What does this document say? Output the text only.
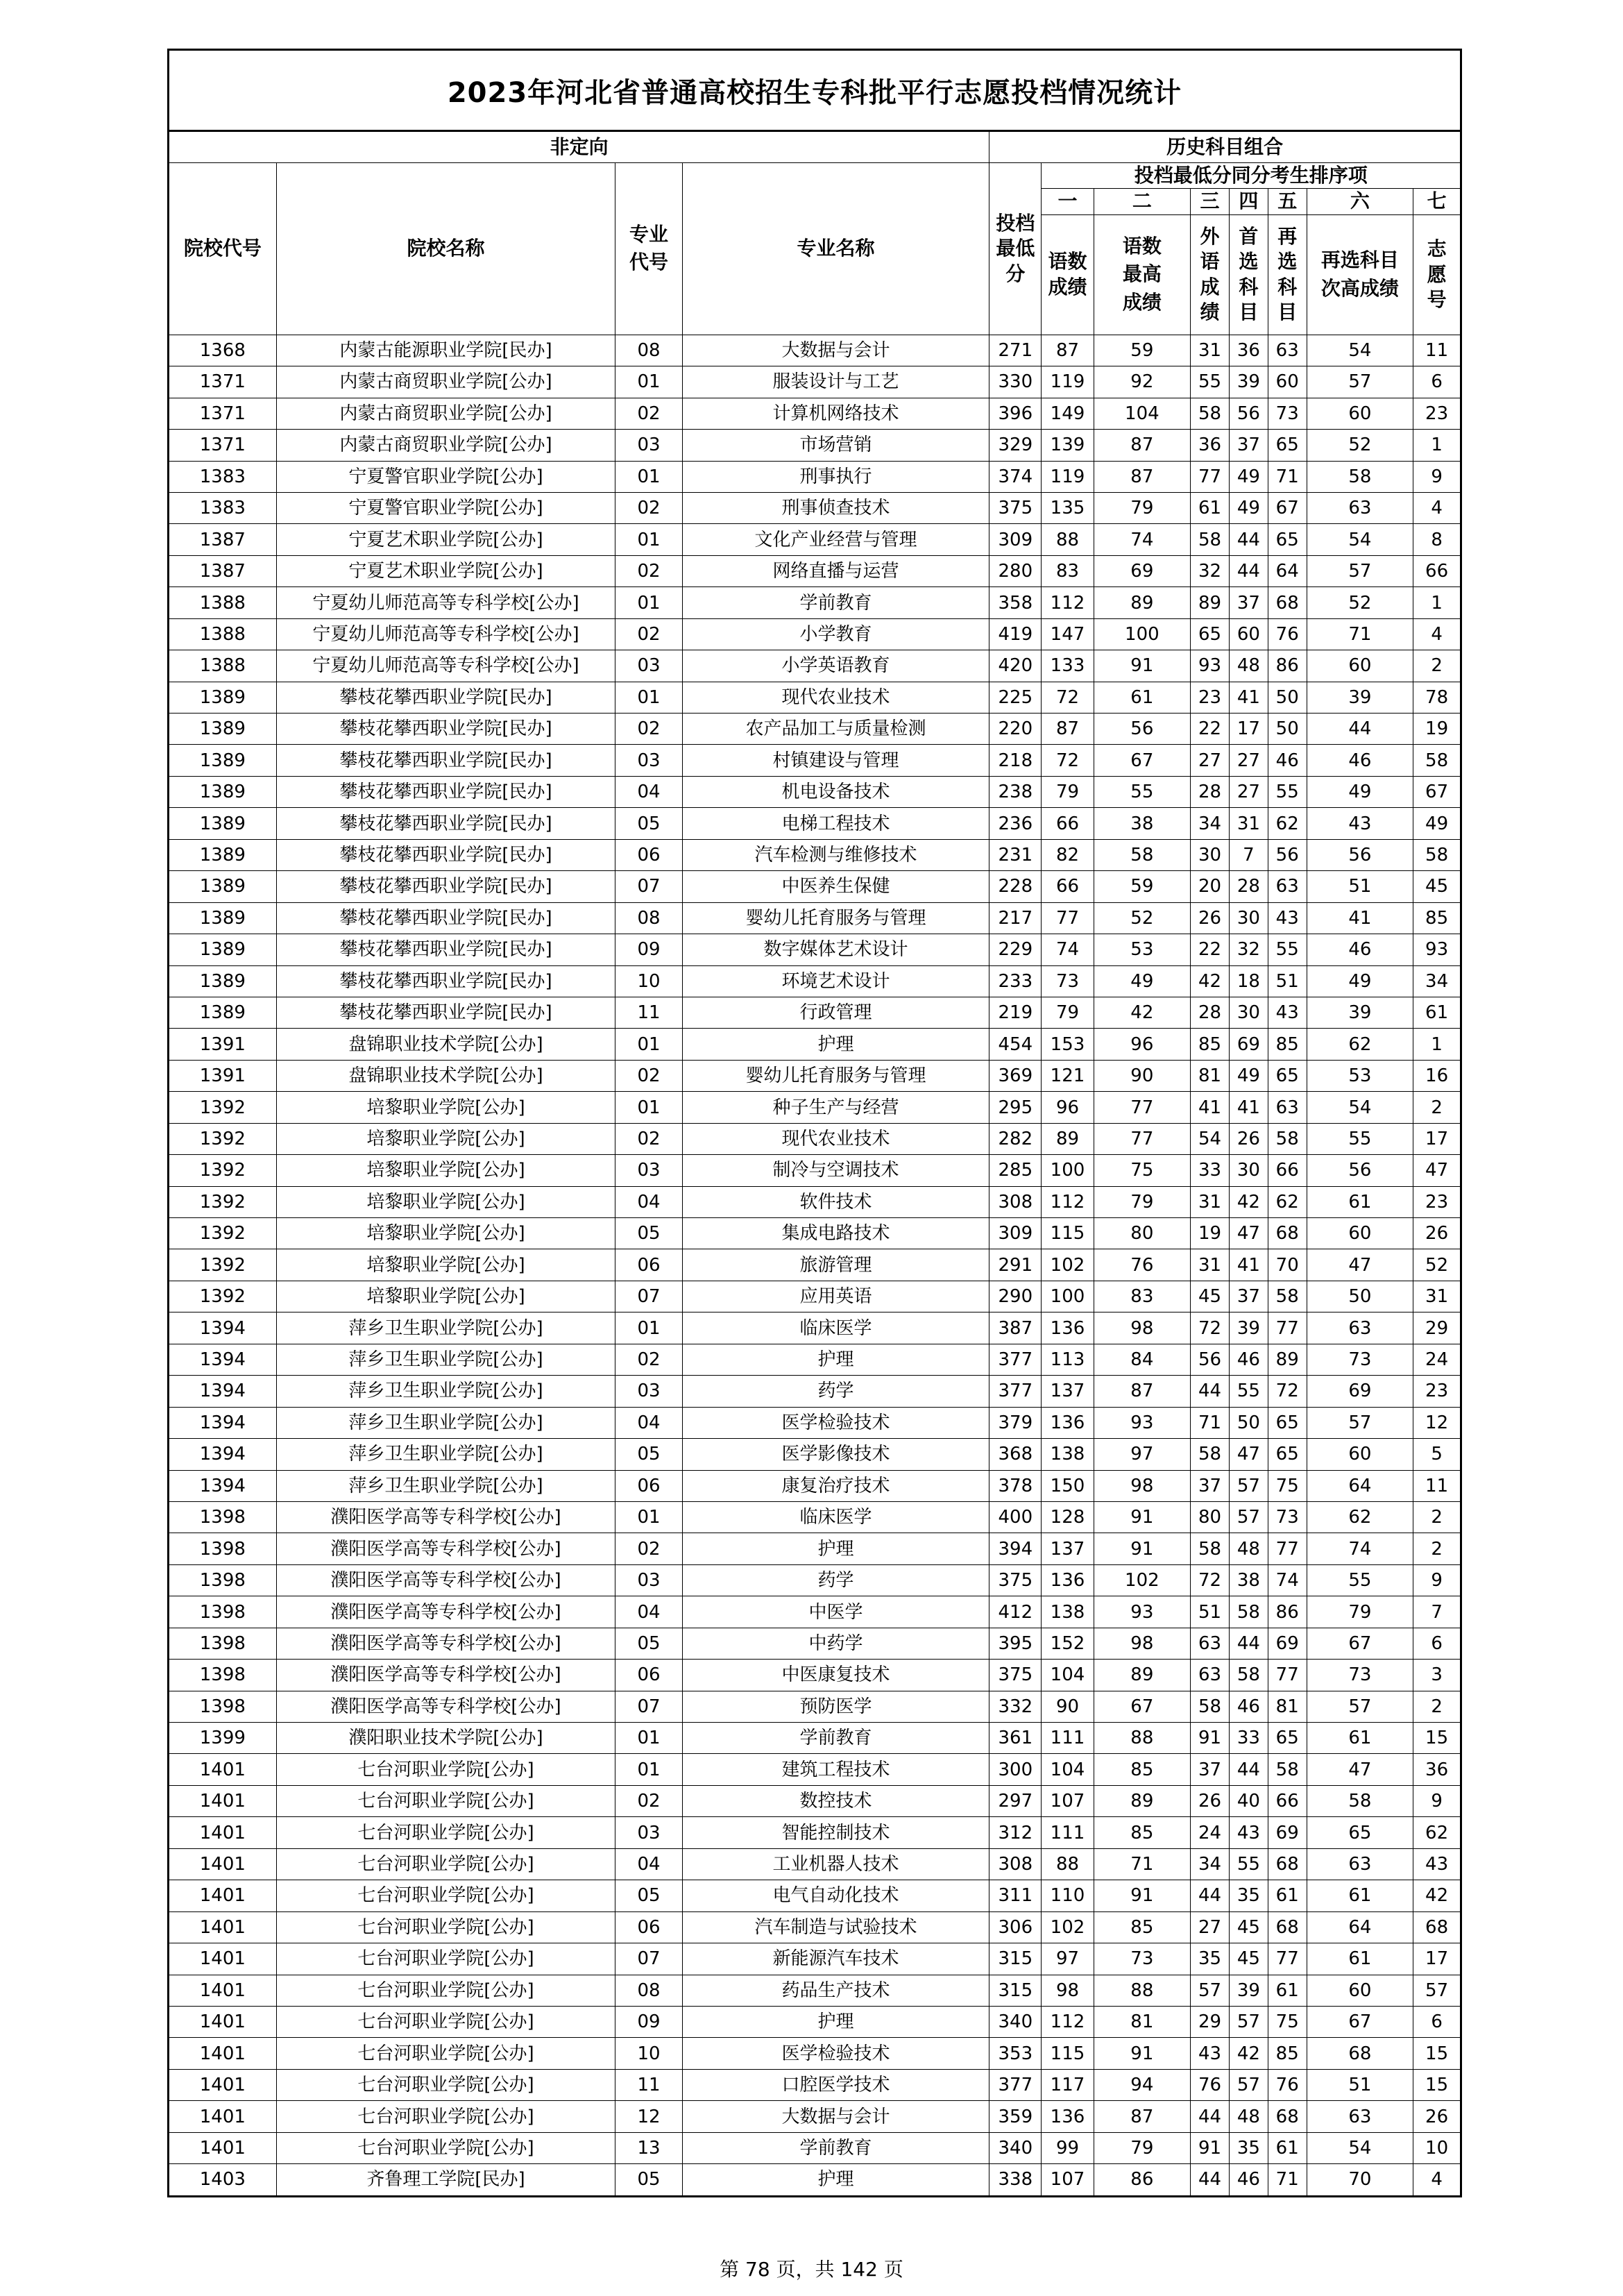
2023年河北省普通高校招生专科批平行志愿投档情况统计
非定向				历史科目组合							
院校代号	院校名称	专业代号	专业名称	投档最低分	投档最低分同分考生排序项						
					一	二	三	四	五	六	七
					语数成绩	语数最高成绩	外语成绩	首选科目	再选科目	再选科目次高成绩	志愿号
1368	内蒙古能源职业学院[民办]	08	大数据与会计	271	87	59	31	36	63	54	11
1371	内蒙古商贸职业学院[公办]	01	服装设计与工艺	330	119	92	55	39	60	57	6
1371	内蒙古商贸职业学院[公办]	02	计算机网络技术	396	149	104	58	56	73	60	23
1371	内蒙古商贸职业学院[公办]	03	市场营销	329	139	87	36	37	65	52	1
1383	宁夏警官职业学院[公办]	01	刑事执行	374	119	87	77	49	71	58	9
1383	宁夏警官职业学院[公办]	02	刑事侦查技术	375	135	79	61	49	67	63	4
1387	宁夏艺术职业学院[公办]	01	文化产业经营与管理	309	88	74	58	44	65	54	8
1387	宁夏艺术职业学院[公办]	02	网络直播与运营	280	83	69	32	44	64	57	66
1388	宁夏幼儿师范高等专科学校[公办]	01	学前教育	358	112	89	89	37	68	52	1
1388	宁夏幼儿师范高等专科学校[公办]	02	小学教育	419	147	100	65	60	76	71	4
1388	宁夏幼儿师范高等专科学校[公办]	03	小学英语教育	420	133	91	93	48	86	60	2
1389	攀枝花攀西职业学院[民办]	01	现代农业技术	225	72	61	23	41	50	39	78
1389	攀枝花攀西职业学院[民办]	02	农产品加工与质量检测	220	87	56	22	17	50	44	19
1389	攀枝花攀西职业学院[民办]	03	村镇建设与管理	218	72	67	27	27	46	46	58
1389	攀枝花攀西职业学院[民办]	04	机电设备技术	238	79	55	28	27	55	49	67
1389	攀枝花攀西职业学院[民办]	05	电梯工程技术	236	66	38	34	31	62	43	49
1389	攀枝花攀西职业学院[民办]	06	汽车检测与维修技术	231	82	58	30	7	56	56	58
1389	攀枝花攀西职业学院[民办]	07	中医养生保健	228	66	59	20	28	63	51	45
1389	攀枝花攀西职业学院[民办]	08	婴幼儿托育服务与管理	217	77	52	26	30	43	41	85
1389	攀枝花攀西职业学院[民办]	09	数字媒体艺术设计	229	74	53	22	32	55	46	93
1389	攀枝花攀西职业学院[民办]	10	环境艺术设计	233	73	49	42	18	51	49	34
1389	攀枝花攀西职业学院[民办]	11	行政管理	219	79	42	28	30	43	39	61
1391	盘锦职业技术学院[公办]	01	护理	454	153	96	85	69	85	62	1
1391	盘锦职业技术学院[公办]	02	婴幼儿托育服务与管理	369	121	90	81	49	65	53	16
1392	培黎职业学院[公办]	01	种子生产与经营	295	96	77	41	41	63	54	2
1392	培黎职业学院[公办]	02	现代农业技术	282	89	77	54	26	58	55	17
1392	培黎职业学院[公办]	03	制冷与空调技术	285	100	75	33	30	66	56	47
1392	培黎职业学院[公办]	04	软件技术	308	112	79	31	42	62	61	23
1392	培黎职业学院[公办]	05	集成电路技术	309	115	80	19	47	68	60	26
1392	培黎职业学院[公办]	06	旅游管理	291	102	76	31	41	70	47	52
1392	培黎职业学院[公办]	07	应用英语	290	100	83	45	37	58	50	31
1394	萍乡卫生职业学院[公办]	01	临床医学	387	136	98	72	39	77	63	29
1394	萍乡卫生职业学院[公办]	02	护理	377	113	84	56	46	89	73	24
1394	萍乡卫生职业学院[公办]	03	药学	377	137	87	44	55	72	69	23
1394	萍乡卫生职业学院[公办]	04	医学检验技术	379	136	93	71	50	65	57	12
1394	萍乡卫生职业学院[公办]	05	医学影像技术	368	138	97	58	47	65	60	5
1394	萍乡卫生职业学院[公办]	06	康复治疗技术	378	150	98	37	57	75	64	11
1398	濮阳医学高等专科学校[公办]	01	临床医学	400	128	91	80	57	73	62	2
1398	濮阳医学高等专科学校[公办]	02	护理	394	137	91	58	48	77	74	2
1398	濮阳医学高等专科学校[公办]	03	药学	375	136	102	72	38	74	55	9
1398	濮阳医学高等专科学校[公办]	04	中医学	412	138	93	51	58	86	79	7
1398	濮阳医学高等专科学校[公办]	05	中药学	395	152	98	63	44	69	67	6
1398	濮阳医学高等专科学校[公办]	06	中医康复技术	375	104	89	63	58	77	73	3
1398	濮阳医学高等专科学校[公办]	07	预防医学	332	90	67	58	46	81	57	2
1399	濮阳职业技术学院[公办]	01	学前教育	361	111	88	91	33	65	61	15
1401	七台河职业学院[公办]	01	建筑工程技术	300	104	85	37	44	58	47	36
1401	七台河职业学院[公办]	02	数控技术	297	107	89	26	40	66	58	9
1401	七台河职业学院[公办]	03	智能控制技术	312	111	85	24	43	69	65	62
1401	七台河职业学院[公办]	04	工业机器人技术	308	88	71	34	55	68	63	43
1401	七台河职业学院[公办]	05	电气自动化技术	311	110	91	44	35	61	61	42
1401	七台河职业学院[公办]	06	汽车制造与试验技术	306	102	85	27	45	68	64	68
1401	七台河职业学院[公办]	07	新能源汽车技术	315	97	73	35	45	77	61	17
1401	七台河职业学院[公办]	08	药品生产技术	315	98	88	57	39	61	60	57
1401	七台河职业学院[公办]	09	护理	340	112	81	29	57	75	67	6
1401	七台河职业学院[公办]	10	医学检验技术	353	115	91	43	42	85	68	15
1401	七台河职业学院[公办]	11	口腔医学技术	377	117	94	76	57	76	51	15
1401	七台河职业学院[公办]	12	大数据与会计	359	136	87	44	48	68	63	26
1401	七台河职业学院[公办]	13	学前教育	340	99	79	91	35	61	54	10
1403	齐鲁理工学院[民办]	05	护理	338	107	86	44	46	71	70	4
第 78 页，共 142 页
